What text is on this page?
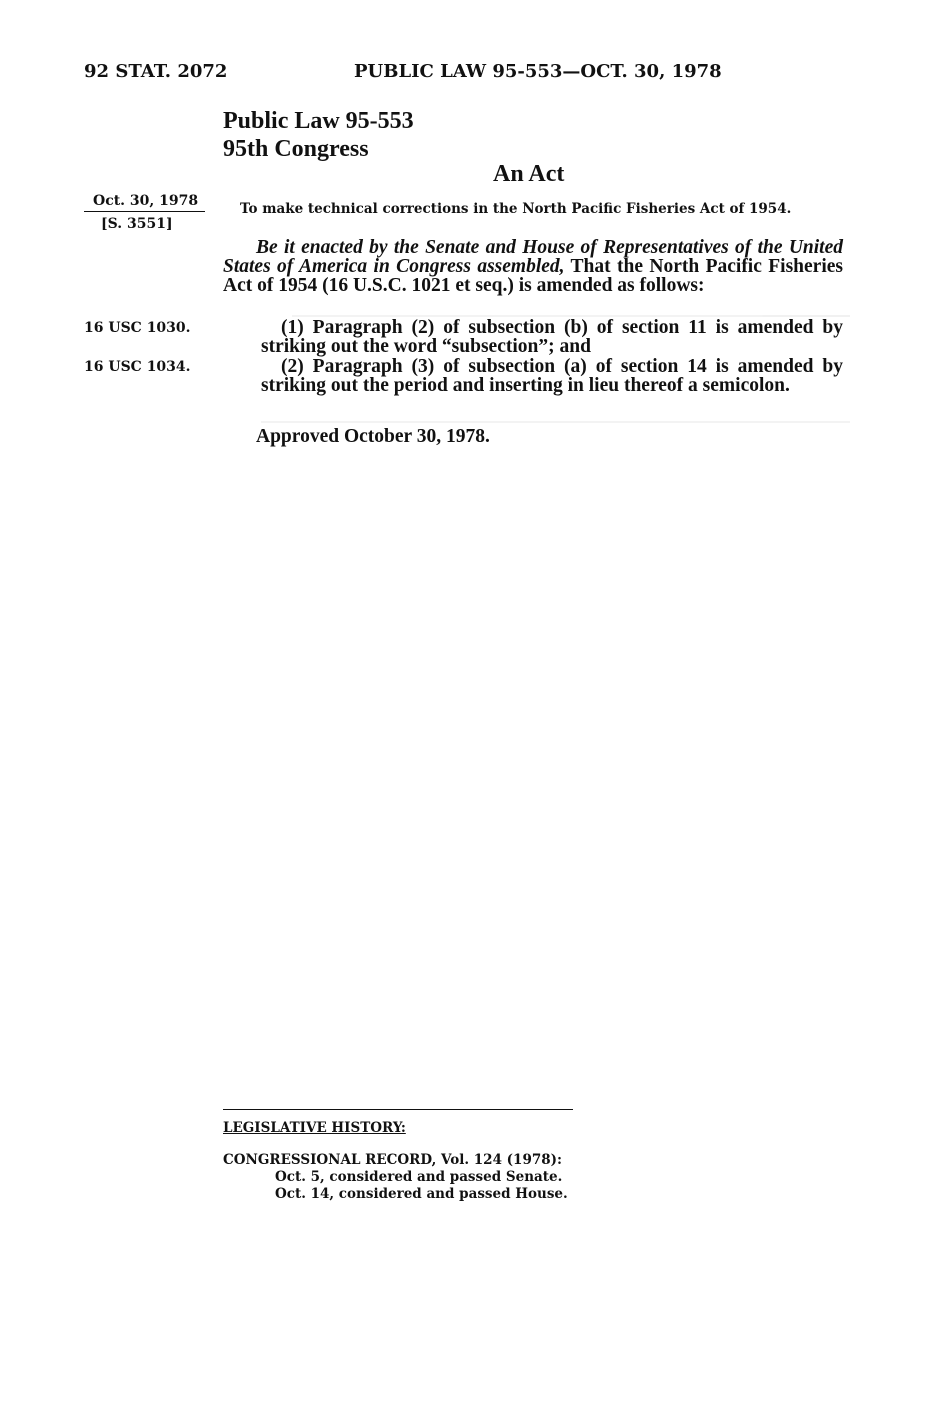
92 STAT. 2072	PUBLIC LAW 95-553—OCT. 30, 1978
Public Law 95-553
95th Congress
An Act
Oct. 30, 1978
[S. 3551]
16 USC 1030.
16 USC 1034.
To make technical corrections in the North Pacific Fisheries Act of 1954.
Be it enacted by the Senate and House of Representatives of the United States of America in Congress assembled, That the North Pacific Fisheries Act of 1954 (16 U.S.C. 1021 et seq.) is amended as follows:
(1) Paragraph (2) of subsection (b) of section 11 is amended by striking out the word “subsection”; and
(2) Paragraph (3) of subsection (a) of section 14 is amended by striking out the period and inserting in lieu thereof a semicolon.
Approved October 30, 1978.
LEGISLATIVE HISTORY:
CONGRESSIONAL RECORD, Vol. 124 (1978):
Oct. 5, considered and passed Senate.
Oct. 14, considered and passed House.
